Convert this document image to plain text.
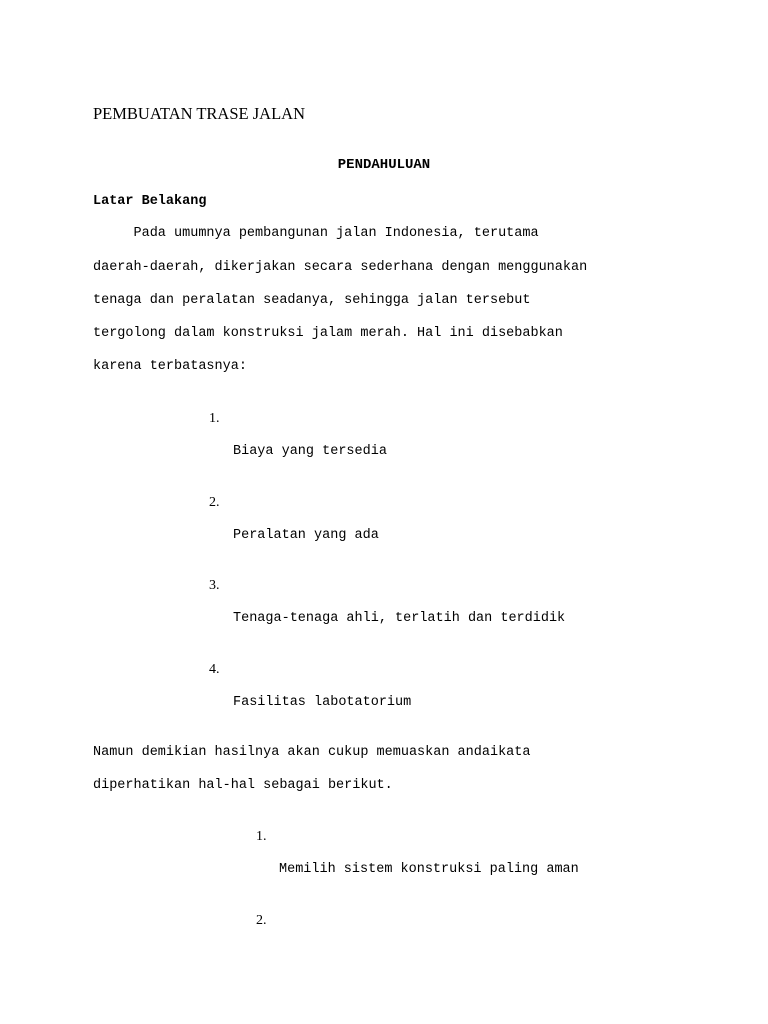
PEMBUATAN TRASE JALAN
PENDAHULUAN
Latar Belakang
Pada umumnya pembangunan jalan Indonesia, terutama
daerah-daerah, dikerjakan secara sederhana dengan menggunakan
tenaga dan peralatan seadanya, sehingga jalan tersebut
tergolong dalam konstruksi jalam merah. Hal ini disebabkan
karena terbatasnya:
1.
Biaya yang tersedia
2.
Peralatan yang ada
3.
Tenaga-tenaga ahli, terlatih dan terdidik
4.
Fasilitas labotatorium
Namun demikian hasilnya akan cukup memuaskan andaikata
diperhatikan hal-hal sebagai berikut.
1.
Memilih sistem konstruksi paling aman
2.
